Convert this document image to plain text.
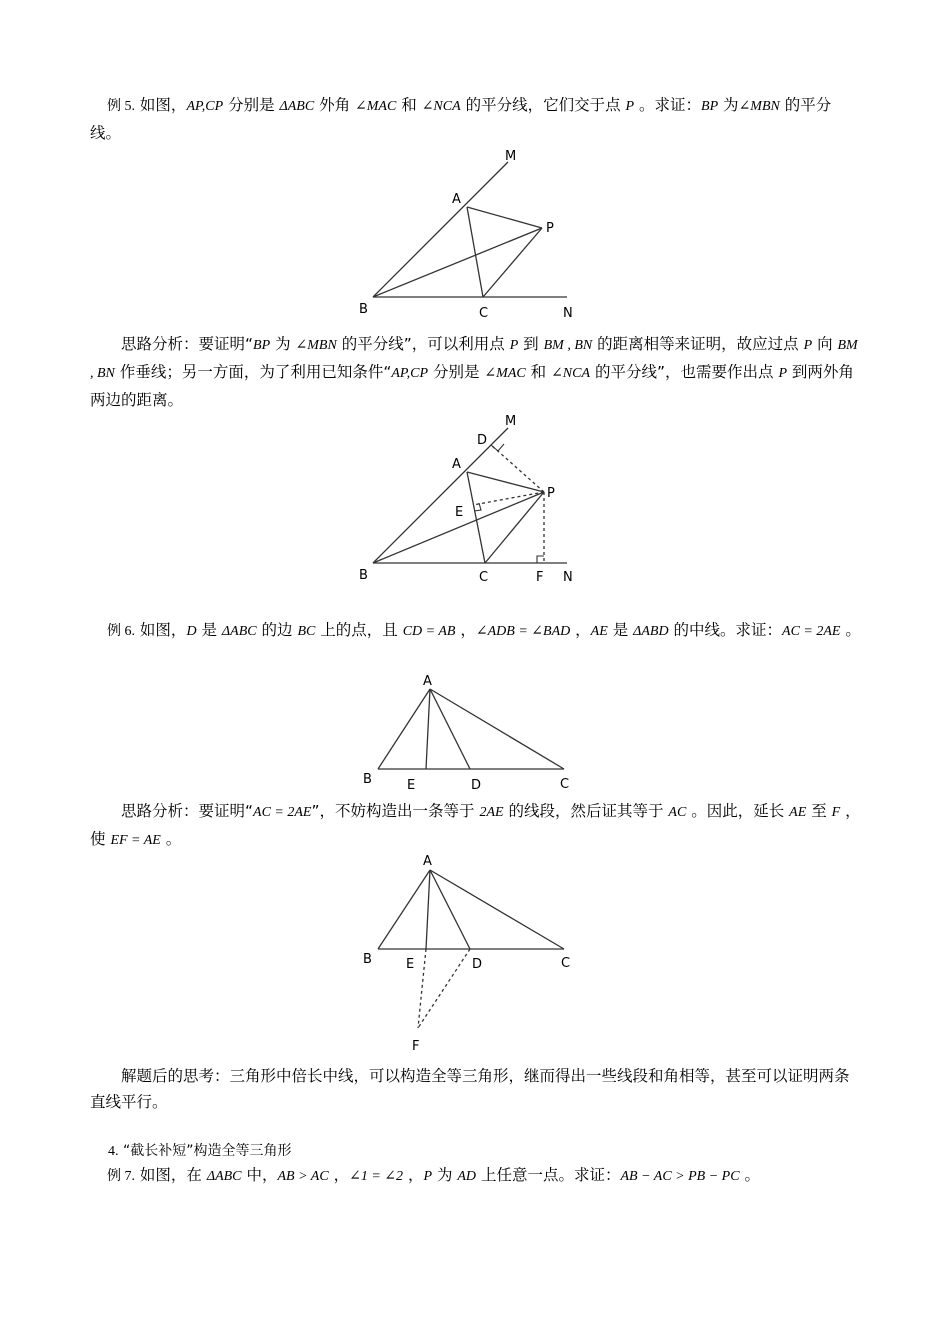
例 5. 如图，AP,CP 分别是 ΔABC 外角 ∠MAC 和 ∠NCA 的平分线，它们交于点 P 。求证：BP 为∠MBN 的平分线。

M
A
P
B	C	N

思路分析：要证明“BP 为 ∠MBN 的平分线”，可以利用点 P 到 BM , BN 的距离相等来证明，故应过点 P 向 BM , BN 作垂线；另一方面，为了利用已知条件“AP,CP 分别是 ∠MAC 和 ∠NCA 的平分线”，也需要作出点 P 到两外角两边的距离。

M
D
A
P
E
B	C	F N

例 6. 如图，D 是 ΔABC 的边 BC 上的点，且 CD = AB ，∠ADB = ∠BAD ，AE 是 ΔABD 的中线。求证：AC = 2AE 。

A
B	E	D	C

思路分析：要证明“AC = 2AE”，不妨构造出一条等于 2AE 的线段，然后证其等于 AC 。因此，延长 AE 至 F ，使 EF = AE 。

A
B	E	D	C
F

解题后的思考：三角形中倍长中线，可以构造全等三角形，继而得出一些线段和角相等，甚至可以证明两条直线平行。

4. “截长补短”构造全等三角形

例 7. 如图，在 ΔABC 中，AB > AC ，∠1 = ∠2 ，P 为 AD 上任意一点。求证：AB − AC > PB − PC 。
